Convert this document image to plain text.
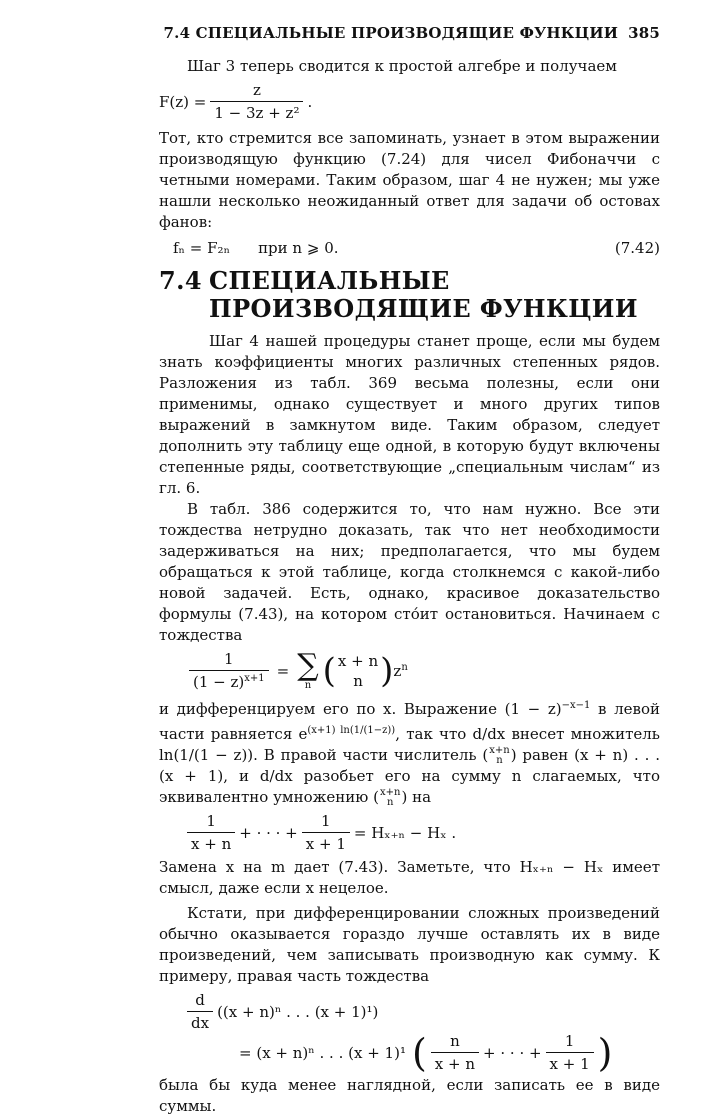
7.4 СПЕЦИАЛЬНЫЕ ПРОИЗВОДЯЩИЕ ФУНКЦИИ 385

Шаг 3 теперь сводится к простой алгебре и получаем

$F(z) = \frac{z}{\text{1 − 3z + z²}}$ .

Тот, кто стремится все запоминать, узнает в этом выражении производящую функцию (7.24) для чисел Фибоначчи с четными номерами. Таким образом, шаг 4 не нужен; мы уже нашли несколько неожиданный ответ для задачи об остовах фанов:

fₙ = F₂ₙ при n ⩾ 0.	(7.42)
7.4 СПЕЦИАЛЬНЫЕ
ПРОИЗВОДЯЩИЕ ФУНКЦИИ

Шаг 4 нашей процедуры станет проще, если мы будем знать коэффициенты многих различных степенных рядов. Разложения из табл. 369 весьма полезны, если они применимы, однако существует и много других типов выражений в замкнутом виде. Таким образом, следует дополнить эту таблицу еще одной, в которую будут включены степенные ряды, соответствующие „специальным числам“ из гл. 6.

В табл. 386 содержится то, что нам нужно. Все эти тождества нетрудно доказать, так что нет необходимости задерживаться на них; предполагается, что мы будем обращаться к этой таблице, когда столкнемся с какой-либо новой задачей. Есть, однако, красивое доказательство формулы (7.43), на котором сто́ит остановиться. Начинаем с тождества

$\frac{1}{(1 - z)^{x+1}}$ = ∑
n ( x + n
n ) $z^n$

и дифференцируем его по x. Выражение $(1 - z)^{-x-1}$ в левой части равняется $e^{(x+1) ln(1/(1-z))}$, так что d/dx внесет множитель ln(1/(1 − z)). В правой части числитель ( x+n
n ) равен (x + n) . . . (x + 1), и d/dx разобьет его на сумму n слагаемых, что эквивалентно умножению ( x+n
n ) на

$\frac{1}{x + n}$ + · · · + $\frac{1}{x + 1} = H_{x+n} - H_x$ .

Замена x на m дает (7.43). Заметьте, что Hₓ₊ₙ − Hₓ имеет смысл, даже если x нецелое.

Кстати, при дифференцировании сложных произведений обычно оказывается гораздо лучше оставлять их в виде произведений, чем записывать производную как сумму. К примеру, правая часть тождества

$\frac{d}{dx} ((x + n)^n$ . . . (x + 1)¹)
= (x + n)ⁿ . . . (x + 1)¹ ( $\frac{n}{x + n}$ + · · · + $\frac{1}{x + 1}$ )

была бы куда менее наглядной, если записать ее в виде суммы.
